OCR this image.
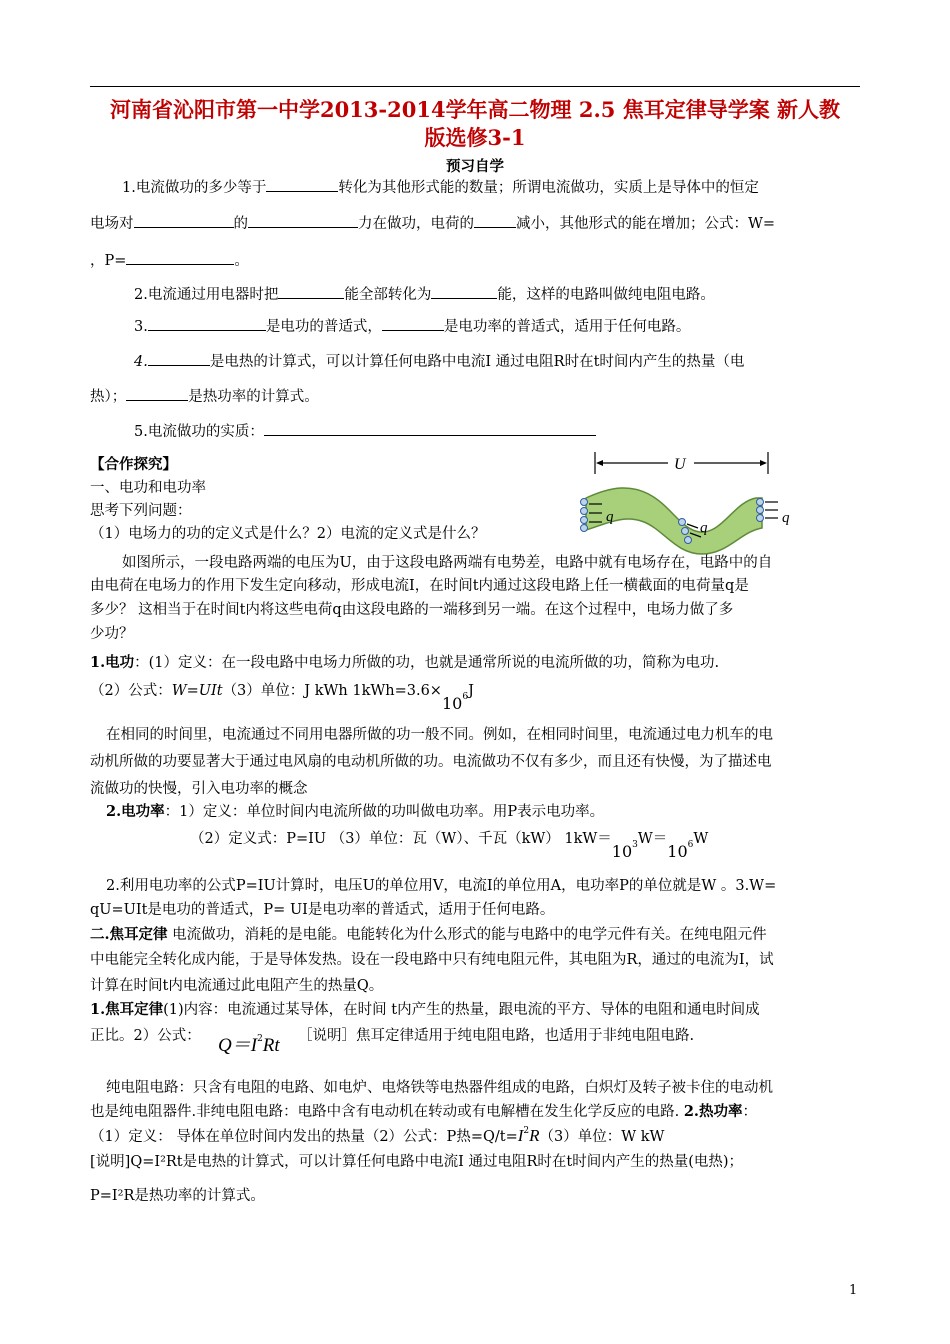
河南省沁阳市第一中学2013-2014学年高二物理 2.5 焦耳定律导学案 新人教
版选修3-1
预习自学
1.电流做功的多少等于	转化为其他形式能的数量；所谓电流做功，实质上是导体中的恒定
电场对	的	力在做功，电荷的	减小，其他形式的能在增加；公式：W=
，P=	。
2.电流通过用电器时把	能全部转化为	能，这样的电路叫做纯电阻电路。
3.	是电功的普适式，	是电功率的普适式，适用于任何电路。
4.	是电热的计算式，可以计算任何电路中电流I 通过电阻R时在t时间内产生的热量（电
热）；	是热功率的计算式。
5.电流做功的实质：
【合作探究】
一、电功和电功率
思考下列问题：
（1）电场力的功的定义式是什么？2）电流的定义式是什么？
U
q
q
q
如图所示，一段电路两端的电压为U，由于这段电路两端有电势差，电路中就有电场存在，电路中的自
由电荷在电场力的作用下发生定向移动，形成电流I，在时间t内通过这段电路上任一横截面的电荷量q是
多少？ 这相当于在时间t内将这些电荷q由这段电路的一端移到另一端。在这个过程中，电场力做了多
少功？
1.电功：(1）定义：在一段电路中电场力所做的功，也就是通常所说的电流所做的功，简称为电功.
（2）公式：W=UIt（3）单位：J kWh $1kWh=3.6\times 10_6J$
在相同的时间里，电流通过不同用电器所做的功一般不同。例如，在相同时间里，电流通过电力机车的电
动机所做的功要显著大于通过电风扇的电动机所做的功。电流做功不仅有多少，而且还有快慢，为了描述电
流做功的快慢，引入电功率的概念
2.电功率：1）定义：单位时间内电流所做的功叫做电功率。用P表示电功率。
（2）定义式：P=IU （3）单位：瓦（W）、千瓦（kW） $1kW=10_3W=10_6W$
2.利用电功率的公式P=IU计算时，电压U的单位用V，电流I的单位用A，电功率P的单位就是W 。3.W=
qU=UIt是电功的普适式，P= UI是电功率的普适式，适用于任何电路。
二.焦耳定律 电流做功，消耗的是电能。电能转化为什么形式的能与电路中的电学元件有关。在纯电阻元件
中电能完全转化成内能，于是导体发热。设在一段电路中只有纯电阻元件，其电阻为R，通过的电流为I，试
计算在时间t内电流通过此电阻产生的热量Q。
1.焦耳定律(1)内容：电流通过某导体，在时间 t内产生的热量，跟电流的平方、导体的电阻和通电时间成
正比。2）公式： $Q=I^2Rt$ ［说明］焦耳定律适用于纯电阻电路，也适用于非纯电阻电路.
纯电阻电路：只含有电阻的电路、如电炉、电烙铁等电热器件组成的电路，白炽灯及转子被卡住的电动机
也是纯电阻器件.非纯电阻电路：电路中含有电动机在转动或有电解槽在发生化学反应的电路. 2.热功率：
（1）定义： 导体在单位时间内发出的热量（2）公式：P热$=Q/t=I^2R(3)$单位：W kW
[说明]Q=I²Rt是电热的计算式，可以计算任何电路中电流I 通过电阻R时在t时间内产生的热量(电热)；
P=I²R是热功率的计算式。
1
